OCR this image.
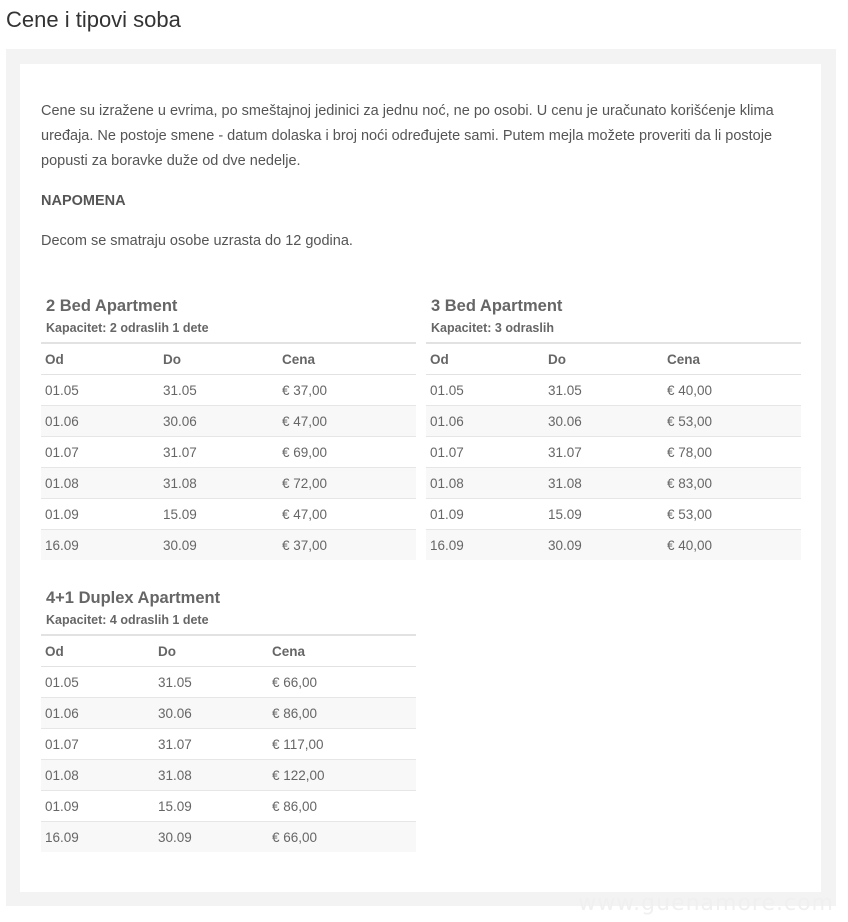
Cene i tipovi soba

Cene su izražene u evrima, po smeštajnoj jedinici za jednu noć, ne po osobi. U cenu je uračunato korišćenje klima uređaja. Ne postoje smene - datum dolaska i broj noći određujete sami. Putem mejla možete proveriti da li postoje popusti za boravke duže od dve nedelje.

NAPOMENA

Decom se smatraju osobe uzrasta do 12 godina.

2 Bed Apartment
Kapacitet: 2 odraslih 1 dete
Od	Do	Cena
01.05	31.05	€ 37,00
01.06	30.06	€ 47,00
01.07	31.07	€ 69,00
01.08	31.08	€ 72,00
01.09	15.09	€ 47,00
16.09	30.09	€ 37,00
3 Bed Apartment
Kapacitet: 3 odraslih
Od	Do	Cena
01.05	31.05	€ 40,00
01.06	30.06	€ 53,00
01.07	31.07	€ 78,00
01.08	31.08	€ 83,00
01.09	15.09	€ 53,00
16.09	30.09	€ 40,00
4+1 Duplex Apartment
Kapacitet: 4 odraslih 1 dete
Od	Do	Cena
01.05	31.05	€ 66,00
01.06	30.06	€ 86,00
01.07	31.07	€ 117,00
01.08	31.08	€ 122,00
01.09	15.09	€ 86,00
16.09	30.09	€ 66,00
www.guenamore.com
